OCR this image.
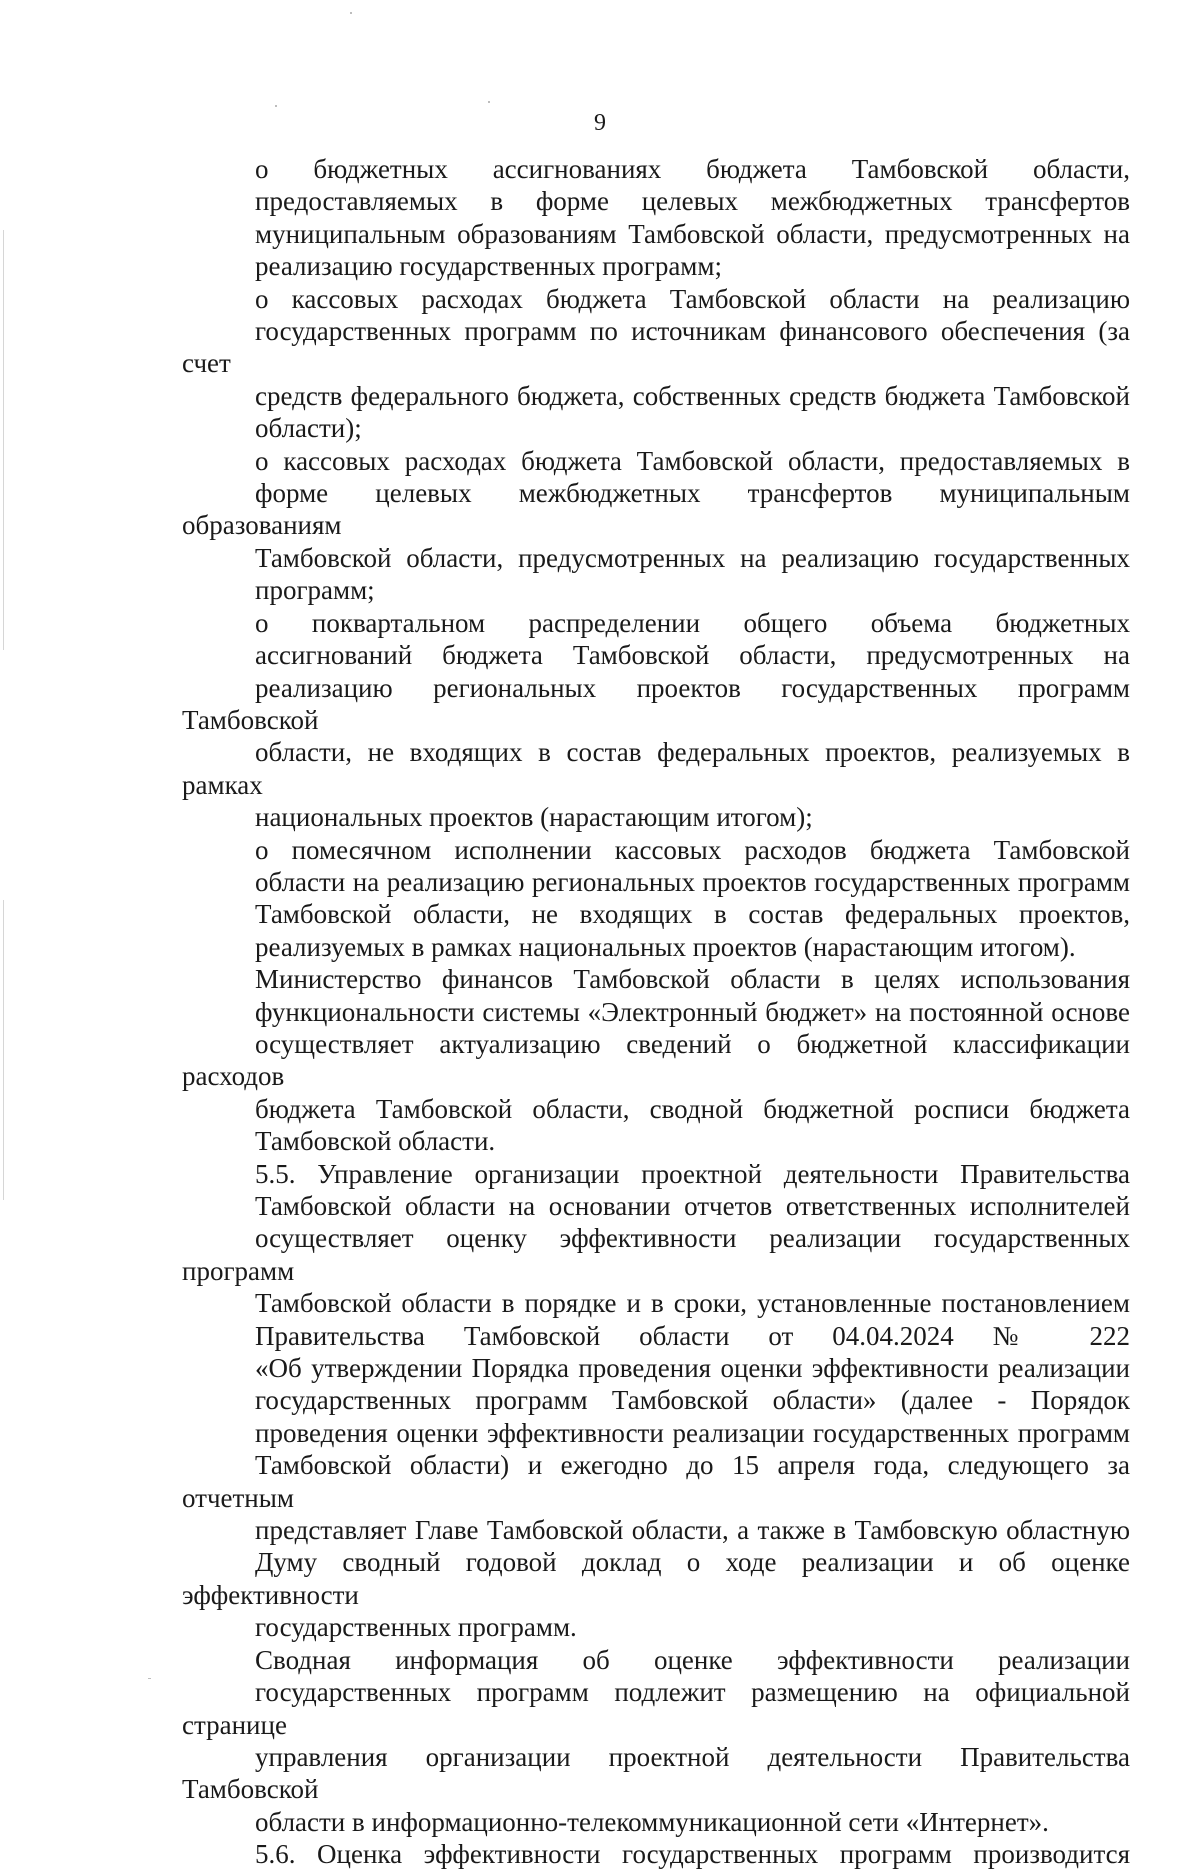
9

о бюджетных ассигнованиях бюджета Тамбовской области,
предоставляемых в форме целевых межбюджетных трансфертов
муниципальным образованиям Тамбовской области, предусмотренных на
реализацию государственных программ;

о кассовых расходах бюджета Тамбовской области на реализацию
государственных программ по источникам финансового обеспечения (за счет
средств федерального бюджета, собственных средств бюджета Тамбовской
области);

о кассовых расходах бюджета Тамбовской области, предоставляемых в
форме целевых межбюджетных трансфертов муниципальным образованиям
Тамбовской области, предусмотренных на реализацию государственных
программ;

о поквартальном распределении общего объема бюджетных
ассигнований бюджета Тамбовской области, предусмотренных на
реализацию региональных проектов государственных программ Тамбовской
области, не входящих в состав федеральных проектов, реализуемых в рамках
национальных проектов (нарастающим итогом);

о помесячном исполнении кассовых расходов бюджета Тамбовской
области на реализацию региональных проектов государственных программ
Тамбовской области, не входящих в состав федеральных проектов,
реализуемых в рамках национальных проектов (нарастающим итогом).

Министерство финансов Тамбовской области в целях использования
функциональности системы «Электронный бюджет» на постоянной основе
осуществляет актуализацию сведений о бюджетной классификации расходов
бюджета Тамбовской области, сводной бюджетной росписи бюджета
Тамбовской области.

5.5. Управление организации проектной деятельности Правительства
Тамбовской области на основании отчетов ответственных исполнителей
осуществляет оценку эффективности реализации государственных программ
Тамбовской области в порядке и в сроки, установленные постановлением
Правительства Тамбовской области от 04.04.2024 № 222
«Об утверждении Порядка проведения оценки эффективности реализации
государственных программ Тамбовской области» (далее - Порядок
проведения оценки эффективности реализации государственных программ
Тамбовской области) и ежегодно до 15 апреля года, следующего за отчетным
представляет Главе Тамбовской области, а также в Тамбовскую областную
Думу сводный годовой доклад о ходе реализации и об оценке эффективности
государственных программ.

Сводная информация об оценке эффективности реализации
государственных программ подлежит размещению на официальной странице
управления организации проектной деятельности Правительства Тамбовской
области в информационно-телекоммуникационной сети «Интернет».

5.6. Оценка эффективности государственных программ производится
